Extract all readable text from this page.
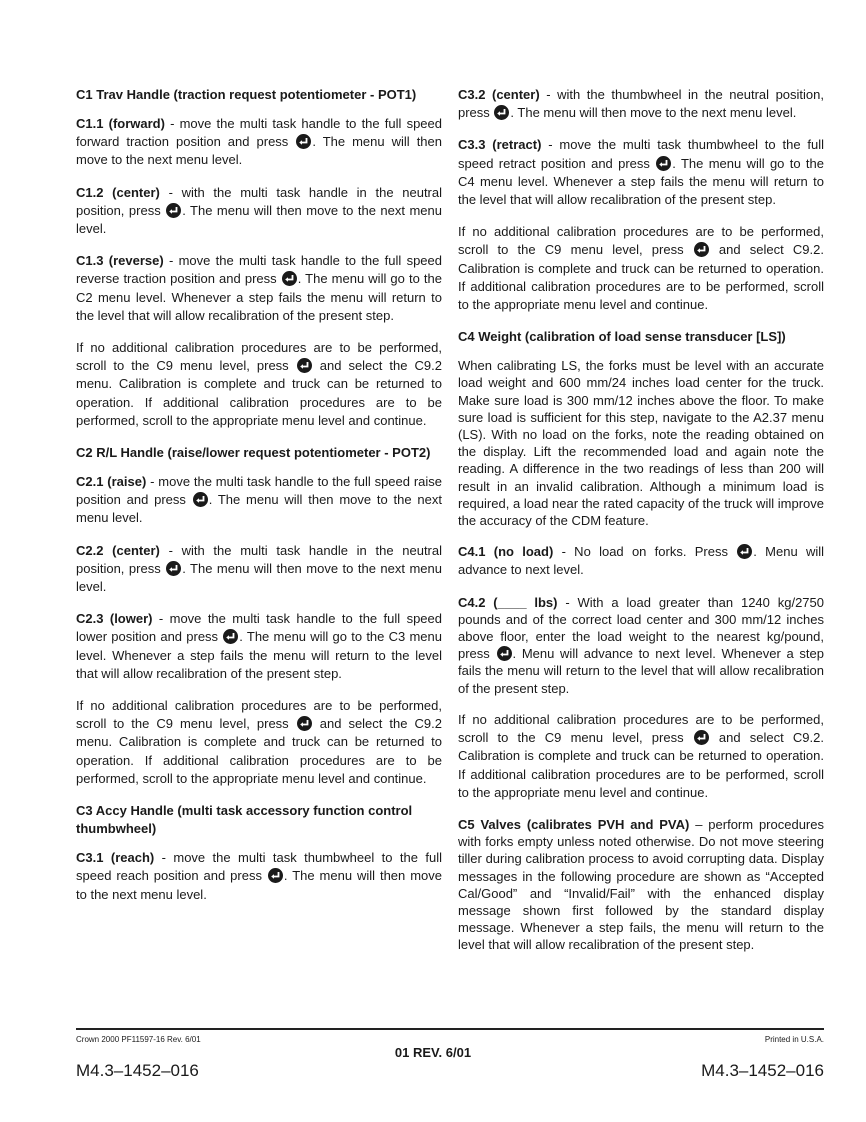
C1 Trav Handle (traction request potentiometer - POT1)

C1.1 (forward) - move the multi task handle to the full speed forward traction position and press
. The menu will then move to the next menu level.

C1.2 (center) - with the multi task handle in the neutral position, press
. The menu will then move to the next menu level.

C1.3 (reverse) - move the multi task handle to the full speed reverse traction position and press
. The menu will go to the C2 menu level. Whenever a step fails the menu will return to the level that will allow recalibration of the present step.

If no additional calibration procedures are to be performed, scroll to the C9 menu level, press
and select the C9.2 menu. Calibration is complete and truck can be returned to operation. If additional calibration procedures are to be performed, scroll to the appropriate menu level and continue.

C2 R/L Handle (raise/lower request potentiometer - POT2)

C2.1 (raise) - move the multi task handle to the full speed raise position and press
. The menu will then move to the next menu level.

C2.2 (center) - with the multi task handle in the neutral position, press
. The menu will then move to the next menu level.

C2.3 (lower) - move the multi task handle to the full speed lower position and press
. The menu will go to the C3 menu level. Whenever a step fails the menu will return to the level that will allow recalibration of the present step.

If no additional calibration procedures are to be performed, scroll to the C9 menu level, press
and select the C9.2 menu. Calibration is complete and truck can be returned to operation. If additional calibration procedures are to be performed, scroll to the appropriate menu level and continue.

C3 Accy Handle (multi task accessory function control thumbwheel)

C3.1 (reach) - move the multi task thumbwheel to the full speed reach position and press
. The menu will then move to the next menu level.

C3.2 (center) - with the thumbwheel in the neutral position, press
. The menu will then move to the next menu level.

C3.3 (retract) - move the multi task thumbwheel to the full speed retract position and press
. The menu will go to the C4 menu level. Whenever a step fails the menu will return to the level that will allow recalibration of the present step.

If no additional calibration procedures are to be performed, scroll to the C9 menu level, press
and select C9.2. Calibration is complete and truck can be returned to operation. If additional calibration procedures are to be performed, scroll to the appropriate menu level and continue.

C4 Weight (calibration of load sense transducer [LS])

When calibrating LS, the forks must be level with an accurate load weight and 600 mm/24 inches load center for the truck. Make sure load is 300 mm/12 inches above the floor. To make sure load is sufficient for this step, navigate to the A2.37 menu (LS). With no load on the forks, note the reading obtained on the display. Lift the recommended load and again note the reading. A difference in the two readings of less than 200 will result in an invalid calibration. Although a minimum load is required, a load near the rated capacity of the truck will improve the accuracy of the CDM feature.

C4.1 (no load) - No load on forks. Press
. Menu will advance to next level.

C4.2 (____ lbs) - With a load greater than 1240 kg/2750 pounds and of the correct load center and 300 mm/12 inches above floor, enter the load weight to the nearest kg/pound, press
. Menu will advance to next level. Whenever a step fails the menu will return to the level that will allow recalibration of the present step.

If no additional calibration procedures are to be performed, scroll to the C9 menu level, press
and select C9.2. Calibration is complete and truck can be returned to operation. If additional calibration procedures are to be performed, scroll to the appropriate menu level and continue.

C5 Valves (calibrates PVH and PVA) – perform procedures with forks empty unless noted otherwise. Do not move steering tiller during calibration process to avoid corrupting data. Display messages in the following procedure are shown as “Accepted Cal/Good” and “Invalid/Fail” with the enhanced display message shown first followed by the standard display message. Whenever a step fails, the menu will return to the level that will allow recalibration of the present step.

Crown 2000 PF11597-16 Rev. 6/01	Printed in U.S.A.
01 REV. 6/01
M4.3–1452–016	M4.3–1452–016
